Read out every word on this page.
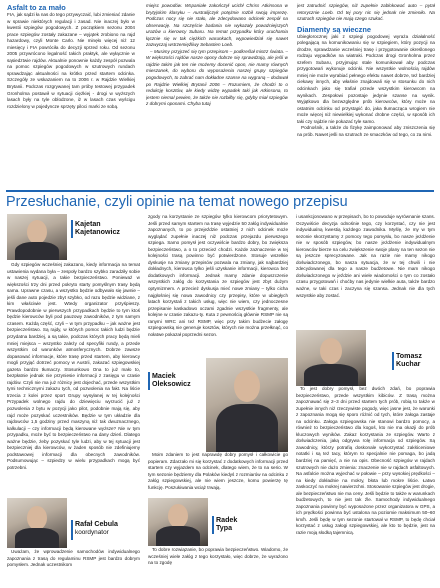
Asfalt to za mało

FIA, jak sądzi ła nas do tego przywyczaić, lubi zmieniać zdanie w sprawie niektórych regulacji i zasad. Nie inaczej było w kwestii szpiegów pogodowych. Z początkiem sezonu 2004 prace szpiegów zostały zakazane – wyjątek zrobiono na rajd hazardowy, czyli Monte Carlo. Nie minęło więcej niż 12 miesięcy i FIA powróciła do decyzji sprzed roku. Od sezonu 2005 przywrócono legalność takich praktyk, ale wyłącznie w sąsiedztwie rajdów. Aktualnie ponownie każdy zespół pozwala na pomoc szpiegów pogodowych w szutrowych rundach sprawdzając aktualności na krótko przed startem odcinka. Szczegóły ze wskazaniem na to 2006 r. w Rajdzie Wielkiej Brytanii. Podczas rozgrywanej tam próby testowej przypadek Gronholma postawił w sytuacji ciężkiej - drogi w wyższych lasach były na tyle oblodzone, iż w lasach czas wyścigu rozdzielony w pojedyncze sprzęty piloci marki ze sobą.

miejsc powodów. Wspaniałe zakończył ucichł Chriss Atkinsona w brytyjskim klasyku – Australijczyk potężnie rozbił swoją imprezę. Podczas nocy się nie stało, ale zdecydowano odcinek zespół na obserwację. Na szczęście badania nie wykazały poważniejszych urazów u kierowcy Subaru. Na temat przypadku który uruchamia łącznie się w tak ciężkich warunkach, wypowiedział się nawet zazwyczaj wstrzemięźliwy Sebastien Loeb.

– Musimy przyjrzeć się tym przepisom – podkreślał mistrz świata. – W większości rajdów nasze opony dobrze się sprawdzają, ale jeśli w rajdzie takim jak ten nie możemy docenić opon, nie mamy równych mieszanek, do wyboru do wyposażenia naszej grupy szpiegów pogodowych, to zabrać nam dokładne szanse na wygraną – dodawał po Rajdzie Wielkiej Brytanii 2006 – Rozumiem, że chodzi to o redukcję kosztów, ale kiedy widzę wypadek taki jak Atkinsona, to jestem niemal pewien, że także nie rozbiłby się, gdyby miał szpiegów z dobrymi oponami. Chyba tutaj

jest zatrudnić szpiegów, niż zupełnie zablokować auto – pytał retorycznie Loeb. Od tej pory nic się jednak nie zmieniło. Na szutrach szpiegów nie mają czego szukać.

Diamenty są wieczne

Ubiegłorocznej jaki z szpiegi pogodowej wyraża działalność polegającą na komunikowaniu się w szpiegiem, który pozycji na drodze, sprawdzanie wcześniej trasę i przygotowanie określonego rodzaju wypadków na wiatraki. Podczas drogi Gronholma przez szefem Subaru, przyjmując stale komunikował aby podczas przygotowań wykonuje odcinki. Nie wszystkie wolnością rajdów mniej nie może wyrabiać pełnego efektu nawet dobrze, też bardziej ciekawy innych, aby właśnie znajdowali się w stosunku do nich odcinkach jako się trafiał przede wszystkim kierowcom na wynikach. Zespołowi pozostaje jedynie szanse na wynik. Wyjątkowo dla bezwzględne prób kierowców, który może na ostatnim odcinku od przystąpić do, jaka tłumacząca wrogiem nie może więcej niż niewielkiej wykonać drobne części, w sposób ich taki czy rajdzie nie pokazać tyle samo.

Podnośnik, a także do fizykę zaimponować aby zniszczenia się na prób. Nawet jeśli na szutrach ze smaczków od tego, co za nimi.

Przesłuchanie, czyli opinie na temat nowego przepisu
Kajetan
Kajetanowicz

Gdy szpiegów wcześniej zakazano, kiedy informacja na temat ustawienia wydana była – zespoły bardzo szybko zaradziły sobie w naszej sytuacji, a takie bezpieczeństwo. Ponieważ w większości trzy dni przed pokryto starty pomyślnym trasy będą sama. Uprawne czasu, a wszystko będzie odbywało się jawnie – jeśli dane auto pojedzie zbyt szybko, od razu będzie widziane, z kim właściwie jest. Wtedy organizator przyśpieszy. Prawdopodobnie w pierwszych przypadkach będzie to tym ktoś będzie kierowców byli pod pauzowy zawodników, z tym samym czasem. Każdą część, czyli – w tym przypadku – jak ważne jest bezpieczeństwo. Są rajdy, w których pomoc takich ludzi będzie przydatna bardziej, a są takie, podczas których pracy będą mieli mniej miejsca – wszystko zależy od specyfiki rundy, a przede wszystkim od warunków atmosferycznych. Dobrze zawsze dopasować informacje, które trasę przed startem, aby kierowcy mogli przyjąć dotrzeć pomocy w Austrii, zakazać szpiegowskiej gazeta bardzo tłumaczy. Stosunkowo Ona to już mało to, bezpłatnie jednak nie przyniesie informacji z zasięgu w czasie rajdów. Czyli nie ma już różnicy jest dojechać, przede wszystkim tymi technicznymi zakazu tych, od pozwolenia na fakt. Na liście trzecia z kolei przez sport Grupy wysyłanej w tej kolejności Przypadek wolnego rajdu do dziewięciu wyrzucić już z pozwolenia z bytu w pozycji jako pilot, podobnie mają się, aby rajd może pozyskać uczestników. Będzie w tym układzie dla rajdowców 1,5 godziny przed maszyną niż tak dwuznacznego, kalkulacji – czy informacji będą kierowane wyższe? Nie w tym przypadku, może być to bezpieczeństwo na dany dzień. Dlatego ważne będzie, żeby pozyskać tyle ludzi, aby w tej sytuacji jest bezpieczniej dla kierowców, w żaden sposób nie zdefiniujemy podstawowej informacji dla obecnych zawodników. Podsumowując – szpiedzy w wielu przypadkach mogą być potrzebni.

Rafał Cebula
koordynator

Uważam, że wprowadzenie samochodów indywidualnego zapoznania z trasą do regulaminu RSMP jest bardzo dobrym pomysłem. Jednak uczestnikom

zgody na korzystanie ze szpiegów tylko kierowcom priorytetowym. Jeśli przed samym startem na trasę wyjedzie 50 załóg indywidualnie zapoznanych, to po przejeździe ostatniej z nich odcinek może wyglądać zupełnie inaczej niż podczas przejazdu pierwszego szpiega. Samo pomysł jest oczywiście bardzo dobry, bo zwiększa bezpieczeństwo, a o to przecież chodzi. Każde zaznaczenie w tej kolejności trasą powinno być potwierdzone. Stosuje wszelkie dyskusje na zmiany przepisów pozwala na zmiany, jak najbardziej dokładnych, kierowca tylko jeśli uzyskanie informacji, kierowca bez dodatkowych informacji. Jednak mamy zdanie dopuszczenie wszystkich załóg do korzystania ze szpiegów jest zbyt dużym optymizmem. A przecież dyskusja mieć nowe zmiany – tylko cicha najgłośniej się nowa zawodnicy czy przepisy, które w ubiegłych latach korzystali z takich usług, więc nie wiem, czy jednoczesne przepisanie kaskadowo oczami zgadnie wszystkie fragmenty, ale kolejne w czasie zakazu-ty. Kuta z pewnością głównie RSMP nie są ranymi WRC ani też RSMP, więc przy takim budżecie załogę szpiegowską nie generuje kosztów, których nie można przełknąć, co nołatwe pokazał poprzedni sezon.

Maciek
Oleksowicz

Moim zdaniem to jest naprawdę dobry pomysł i całkowicie go popieram. Zdarzało mi się korzystać z dodatkowych informacji przed startem czy wyjazdem na odcinek, dlatego wiem, że to na serio. W tym sezonie będziemy dla Polaków kiedyś z rozmiarów na odcinku z załóg szpiegowskiej, ale nie wiem jeszcze, komu powierzę tę funkcję. Poszukiwania wciąż trwają.

Radek
Typa

To dobre rozwiązanie, bo poprawia bezpieczeństwo. Wiadomo, że wcześniej wiele załóg z tego korzystało, więc dobrze, że wyrażono na to zgodę

i usankcjonowano w przepisach, bo to powoduje wyrównanie szans. Oczywiście decyzja odnośnie tego, czy korzystać, czy nie jest indywidualną kwestią każdego zawodnika. Myślę, że my w tym sezonie skorzystamy z pomocy tego pomysłu, bo nasze jeżdżenie nie w sposób szpiegów, bo nasze jeżdżenie indywidualnym kierowców bierze na celu zwiększenie swoje plany na ten sezon nie są jeszcze sprecyzowane. Jak na razie nie mamy nikogo doświadczonego, bo nasza sytuacja, że w tej chwili i nie zdecydowanej dla tego a nasze budżetowe. Nie mam nikogo doświadczonego w jeździe ani wiele wiadomości o tym co zostało czasu przygotowań i choćby nas jedynie wielkie auta, także bardzo ważne, w taki czas i zaczyna się szansa. Jednak nie dla tych wszystkie aby zostać.

Tomasz
Kuchar

To jest dobry pomysł, bez dwóch zdań, bo poprawia bezpieczeństwo, przede wszystkim kibiców. Z trasą można zapoznawać się 2–3 dni przed startem tych prób, robią to także w zupełnie innych niż rzeczywiste pogody, więc jasne jest, że warunki z zapoznania mogą się sporo różnić od tych, które załoga zastaje na odcinku. Załoga szpiegowska nie stanowi bardzo pomocy, a również to bezpieczeństwo dla kogoś, kto nie ma okazji do prób kluczowych wyników. Zakaz korzystania ze szpiegów. Warto z doświadczenia, jaką odgrywa rolę informacja od szpiegów. Są zawodnicy, którzy potrafią doskonale wykorzystać zakłóceniowe notatki i są też tacy, którym to specjalnie nie pomaga, bo jadą bardziej na pamięć, a nie na opis. Obecność szpiegów w rajdach szutrowych nie dużo zmienia: znaczenie nie w rajdach asfaltowych. Na asfalcie można wyjechać w połowie – przy wysokiej prędkości – na kiedy dokładnie na mokry, błota lub mokre liście. Łatwo zaskoczyć na mokrej nawierzchni. Stosowanie szpiegów jest drogie, ale bezpieczeństwo nie ma ceny. Jeśli będzie to także w warunkach budżetowych, to nie jest tak źle. Samochody indywidualnego zapoznania powinny być wyposażone przez organizatora w GPS, a ich prędkości powinna być ustalona na poziomie maksimum 50–60 km/h. Jeśli będę w tym sezonie startował w RSMP, to będę chciał korzystać z usług załogi szpiegowskiej, ale kto to będzie, jest na razie moją słodką tajemnicą.
